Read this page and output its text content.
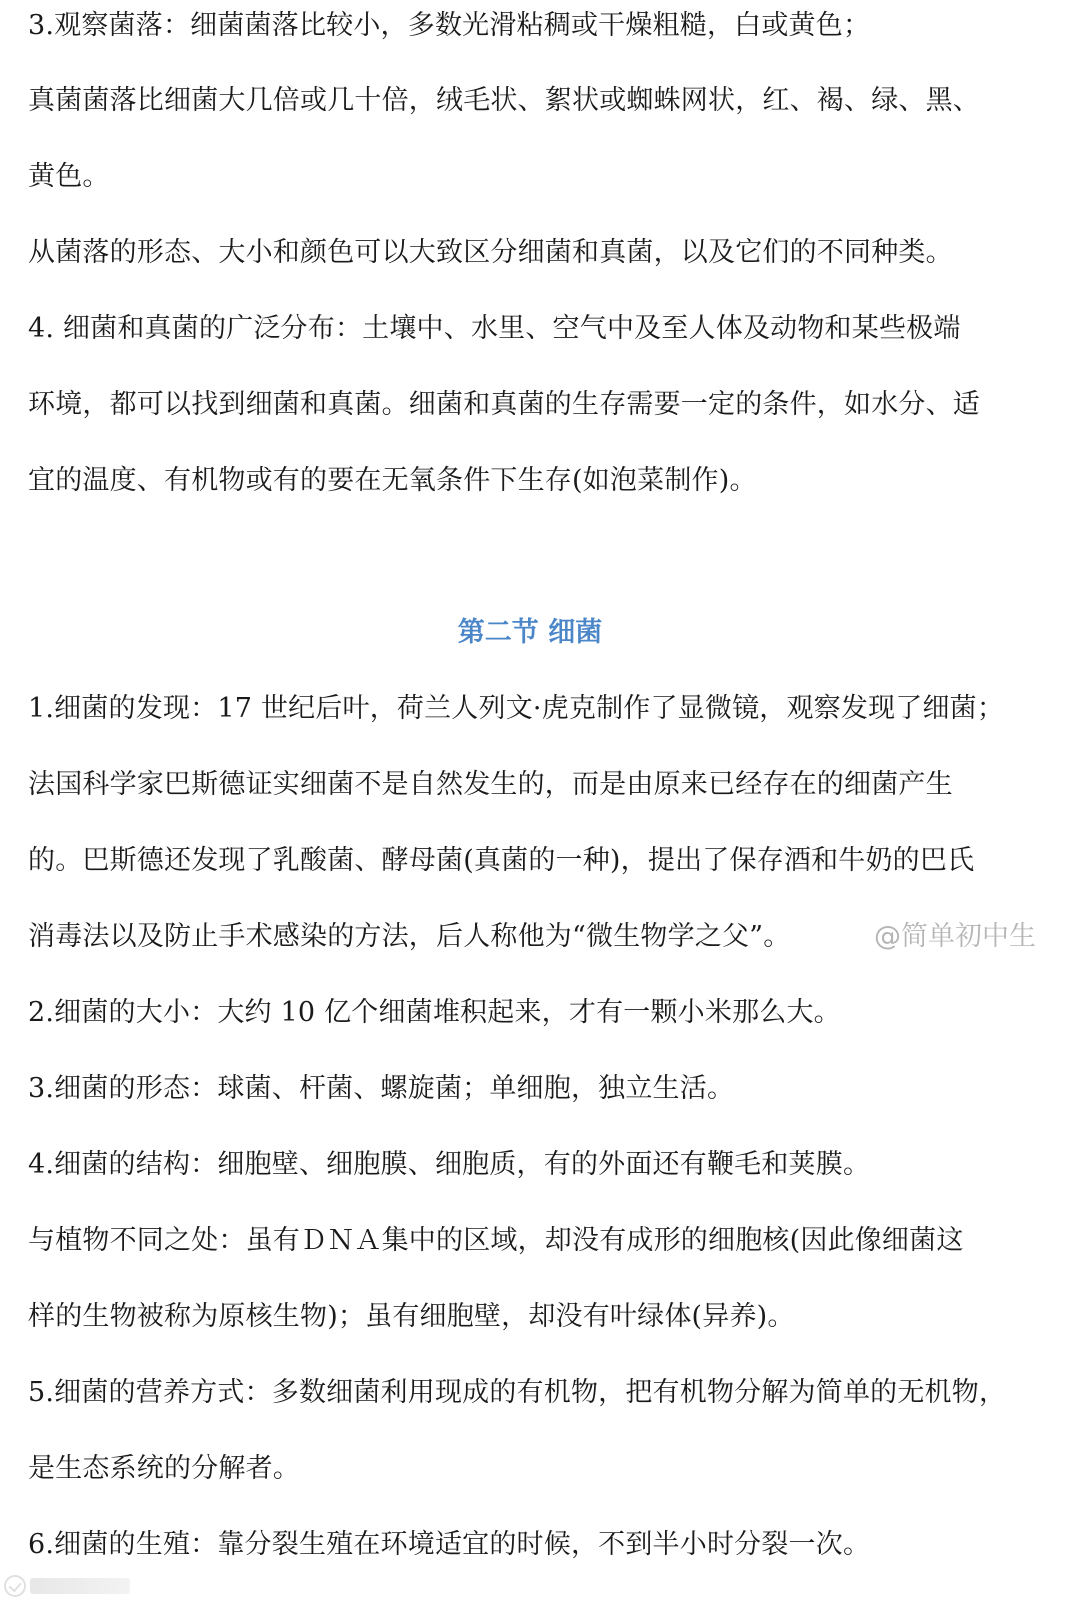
3.观察菌落：细菌菌落比较小，多数光滑粘稠或干燥粗糙，白或黄色；
真菌菌落比细菌大几倍或几十倍，绒毛状、絮状或蜘蛛网状，红、褐、绿、黑、
黄色。
从菌落的形态、大小和颜色可以大致区分细菌和真菌，以及它们的不同种类。
4. 细菌和真菌的广泛分布：土壤中、水里、空气中及至人体及动物和某些极端
环境，都可以找到细菌和真菌。细菌和真菌的生存需要一定的条件，如水分、适
宜的温度、有机物或有的要在无氧条件下生存(如泡菜制作)。
第二节 细菌
1.细菌的发现：17 世纪后叶，荷兰人列文·虎克制作了显微镜，观察发现了细菌；
法国科学家巴斯德证实细菌不是自然发生的，而是由原来已经存在的细菌产生
的。巴斯德还发现了乳酸菌、酵母菌(真菌的一种)，提出了保存酒和牛奶的巴氏
消毒法以及防止手术感染的方法，后人称他为“微生物学之父”。	@简单初中生
2.细菌的大小：大约 10 亿个细菌堆积起来，才有一颗小米那么大。
3.细菌的形态：球菌、杆菌、螺旋菌；单细胞，独立生活。
4.细菌的结构：细胞壁、细胞膜、细胞质，有的外面还有鞭毛和荚膜。
与植物不同之处：虽有ＤＮＡ集中的区域，却没有成形的细胞核(因此像细菌这
样的生物被称为原核生物)；虽有细胞壁，却没有叶绿体(异养)。
5.细菌的营养方式：多数细菌利用现成的有机物，把有机物分解为简单的无机物，
是生态系统的分解者。
6.细菌的生殖：靠分裂生殖在环境适宜的时候，不到半小时分裂一次。
